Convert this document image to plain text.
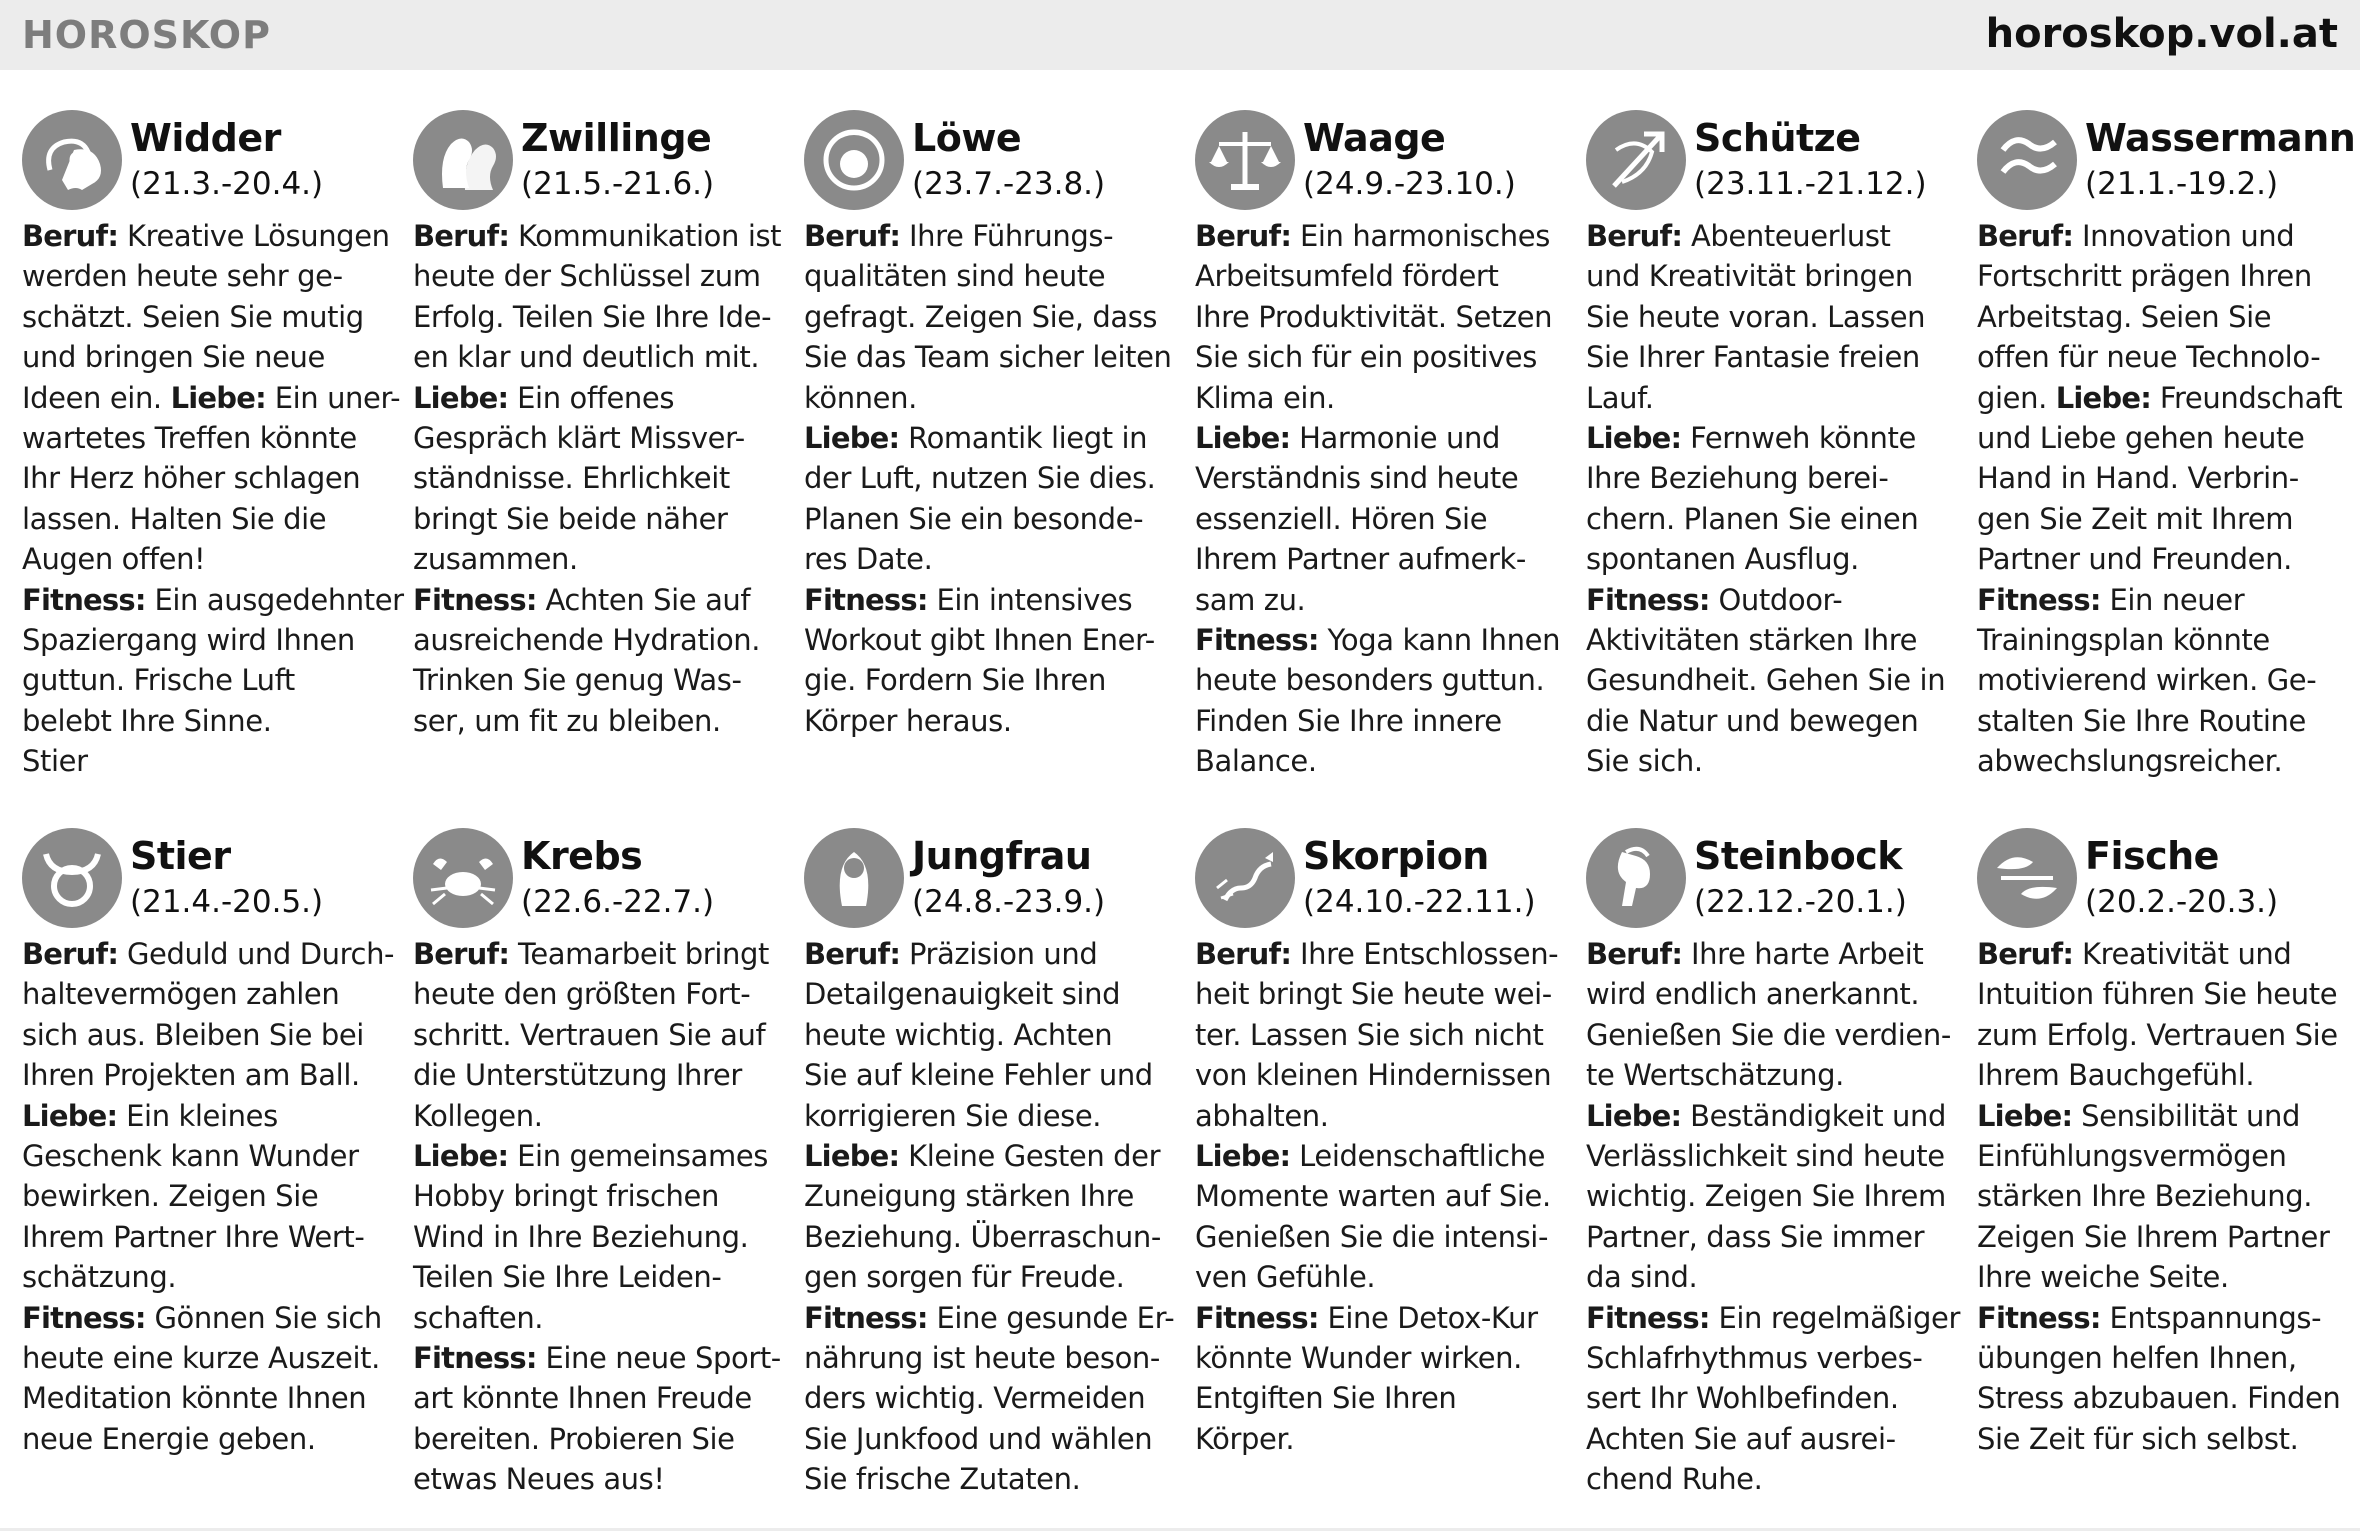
HOROSKOP	horoskop.vol.at
Widder
(21.3.-20.4.)
Beruf: Kreative Lösungen
werden heute sehr ge-
schätzt. Seien Sie mutig
und bringen Sie neue
Ideen ein. Liebe: Ein uner-
wartetes Treffen könnte
Ihr Herz höher schlagen
lassen. Halten Sie die
Augen offen!
Fitness: Ein ausgedehnter
Spaziergang wird Ihnen
guttun. Frische Luft
belebt Ihre Sinne.
Stier
Zwillinge
(21.5.-21.6.)
Beruf: Kommunikation ist
heute der Schlüssel zum
Erfolg. Teilen Sie Ihre Ide-
en klar und deutlich mit.
Liebe: Ein offenes
Gespräch klärt Missver-
ständnisse. Ehrlichkeit
bringt Sie beide näher
zusammen.
Fitness: Achten Sie auf
ausreichende Hydration.
Trinken Sie genug Was-
ser, um fit zu bleiben.
Löwe
(23.7.-23.8.)
Beruf: Ihre Führungs-
qualitäten sind heute
gefragt. Zeigen Sie, dass
Sie das Team sicher leiten
können.
Liebe: Romantik liegt in
der Luft, nutzen Sie dies.
Planen Sie ein besonde-
res Date.
Fitness: Ein intensives
Workout gibt Ihnen Ener-
gie. Fordern Sie Ihren
Körper heraus.
Waage
(24.9.-23.10.)
Beruf: Ein harmonisches
Arbeitsumfeld fördert
Ihre Produktivität. Setzen
Sie sich für ein positives
Klima ein.
Liebe: Harmonie und
Verständnis sind heute
essenziell. Hören Sie
Ihrem Partner aufmerk-
sam zu.
Fitness: Yoga kann Ihnen
heute besonders guttun.
Finden Sie Ihre innere
Balance.
Schütze
(23.11.-21.12.)
Beruf: Abenteuerlust
und Kreativität bringen
Sie heute voran. Lassen
Sie Ihrer Fantasie freien
Lauf.
Liebe: Fernweh könnte
Ihre Beziehung berei-
chern. Planen Sie einen
spontanen Ausflug.
Fitness: Outdoor-
Aktivitäten stärken Ihre
Gesundheit. Gehen Sie in
die Natur und bewegen
Sie sich.
Wassermann
(21.1.-19.2.)
Beruf: Innovation und
Fortschritt prägen Ihren
Arbeitstag. Seien Sie
offen für neue Technolo-
gien. Liebe: Freundschaft
und Liebe gehen heute
Hand in Hand. Verbrin-
gen Sie Zeit mit Ihrem
Partner und Freunden.
Fitness: Ein neuer
Trainingsplan könnte
motivierend wirken. Ge-
stalten Sie Ihre Routine
abwechslungsreicher.
Stier
(21.4.-20.5.)
Beruf: Geduld und Durch-
haltevermögen zahlen
sich aus. Bleiben Sie bei
Ihren Projekten am Ball.
Liebe: Ein kleines
Geschenk kann Wunder
bewirken. Zeigen Sie
Ihrem Partner Ihre Wert-
schätzung.
Fitness: Gönnen Sie sich
heute eine kurze Auszeit.
Meditation könnte Ihnen
neue Energie geben.
Krebs
(22.6.-22.7.)
Beruf: Teamarbeit bringt
heute den größten Fort-
schritt. Vertrauen Sie auf
die Unterstützung Ihrer
Kollegen.
Liebe: Ein gemeinsames
Hobby bringt frischen
Wind in Ihre Beziehung.
Teilen Sie Ihre Leiden-
schaften.
Fitness: Eine neue Sport-
art könnte Ihnen Freude
bereiten. Probieren Sie
etwas Neues aus!
Jungfrau
(24.8.-23.9.)
Beruf: Präzision und
Detailgenauigkeit sind
heute wichtig. Achten
Sie auf kleine Fehler und
korrigieren Sie diese.
Liebe: Kleine Gesten der
Zuneigung stärken Ihre
Beziehung. Überraschun-
gen sorgen für Freude.
Fitness: Eine gesunde Er-
nährung ist heute beson-
ders wichtig. Vermeiden
Sie Junkfood und wählen
Sie frische Zutaten.
Skorpion
(24.10.-22.11.)
Beruf: Ihre Entschlossen-
heit bringt Sie heute wei-
ter. Lassen Sie sich nicht
von kleinen Hindernissen
abhalten.
Liebe: Leidenschaftliche
Momente warten auf Sie.
Genießen Sie die intensi-
ven Gefühle.
Fitness: Eine Detox-Kur
könnte Wunder wirken.
Entgiften Sie Ihren
Körper.
Steinbock
(22.12.-20.1.)
Beruf: Ihre harte Arbeit
wird endlich anerkannt.
Genießen Sie die verdien-
te Wertschätzung.
Liebe: Beständigkeit und
Verlässlichkeit sind heute
wichtig. Zeigen Sie Ihrem
Partner, dass Sie immer
da sind.
Fitness: Ein regelmäßiger
Schlafrhythmus verbes-
sert Ihr Wohlbefinden.
Achten Sie auf ausrei-
chend Ruhe.
Fische
(20.2.-20.3.)
Beruf: Kreativität und
Intuition führen Sie heute
zum Erfolg. Vertrauen Sie
Ihrem Bauchgefühl.
Liebe: Sensibilität und
Einfühlungsvermögen
stärken Ihre Beziehung.
Zeigen Sie Ihrem Partner
Ihre weiche Seite.
Fitness: Entspannungs-
übungen helfen Ihnen,
Stress abzubauen. Finden
Sie Zeit für sich selbst.
